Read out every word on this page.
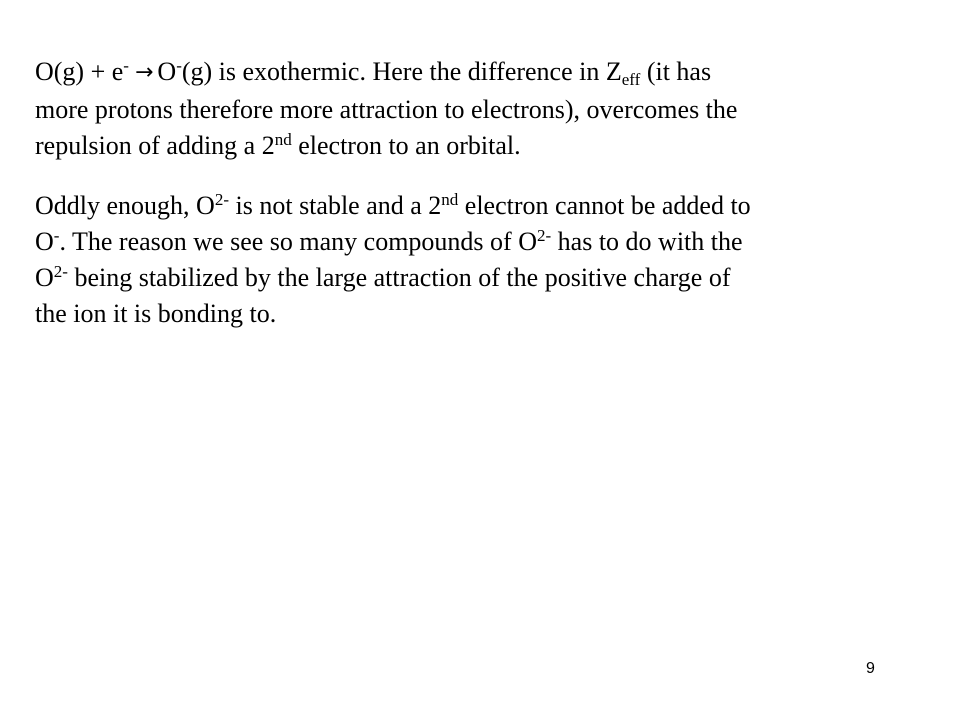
O(g) + e- → O-(g) is exothermic. Here the difference in $Z_{eff}$ (it has
more protons therefore more attraction to electrons), overcomes the
repulsion of adding a 2nd electron to an orbital.

Oddly enough, $O^{2-}$ is not stable and a 2nd electron cannot be added to
O-. The reason we see so many compounds of $O^{2-}$ has to do with the
$O^{2-}$ being stabilized by the large attraction of the positive charge of
the ion it is bonding to.

9
